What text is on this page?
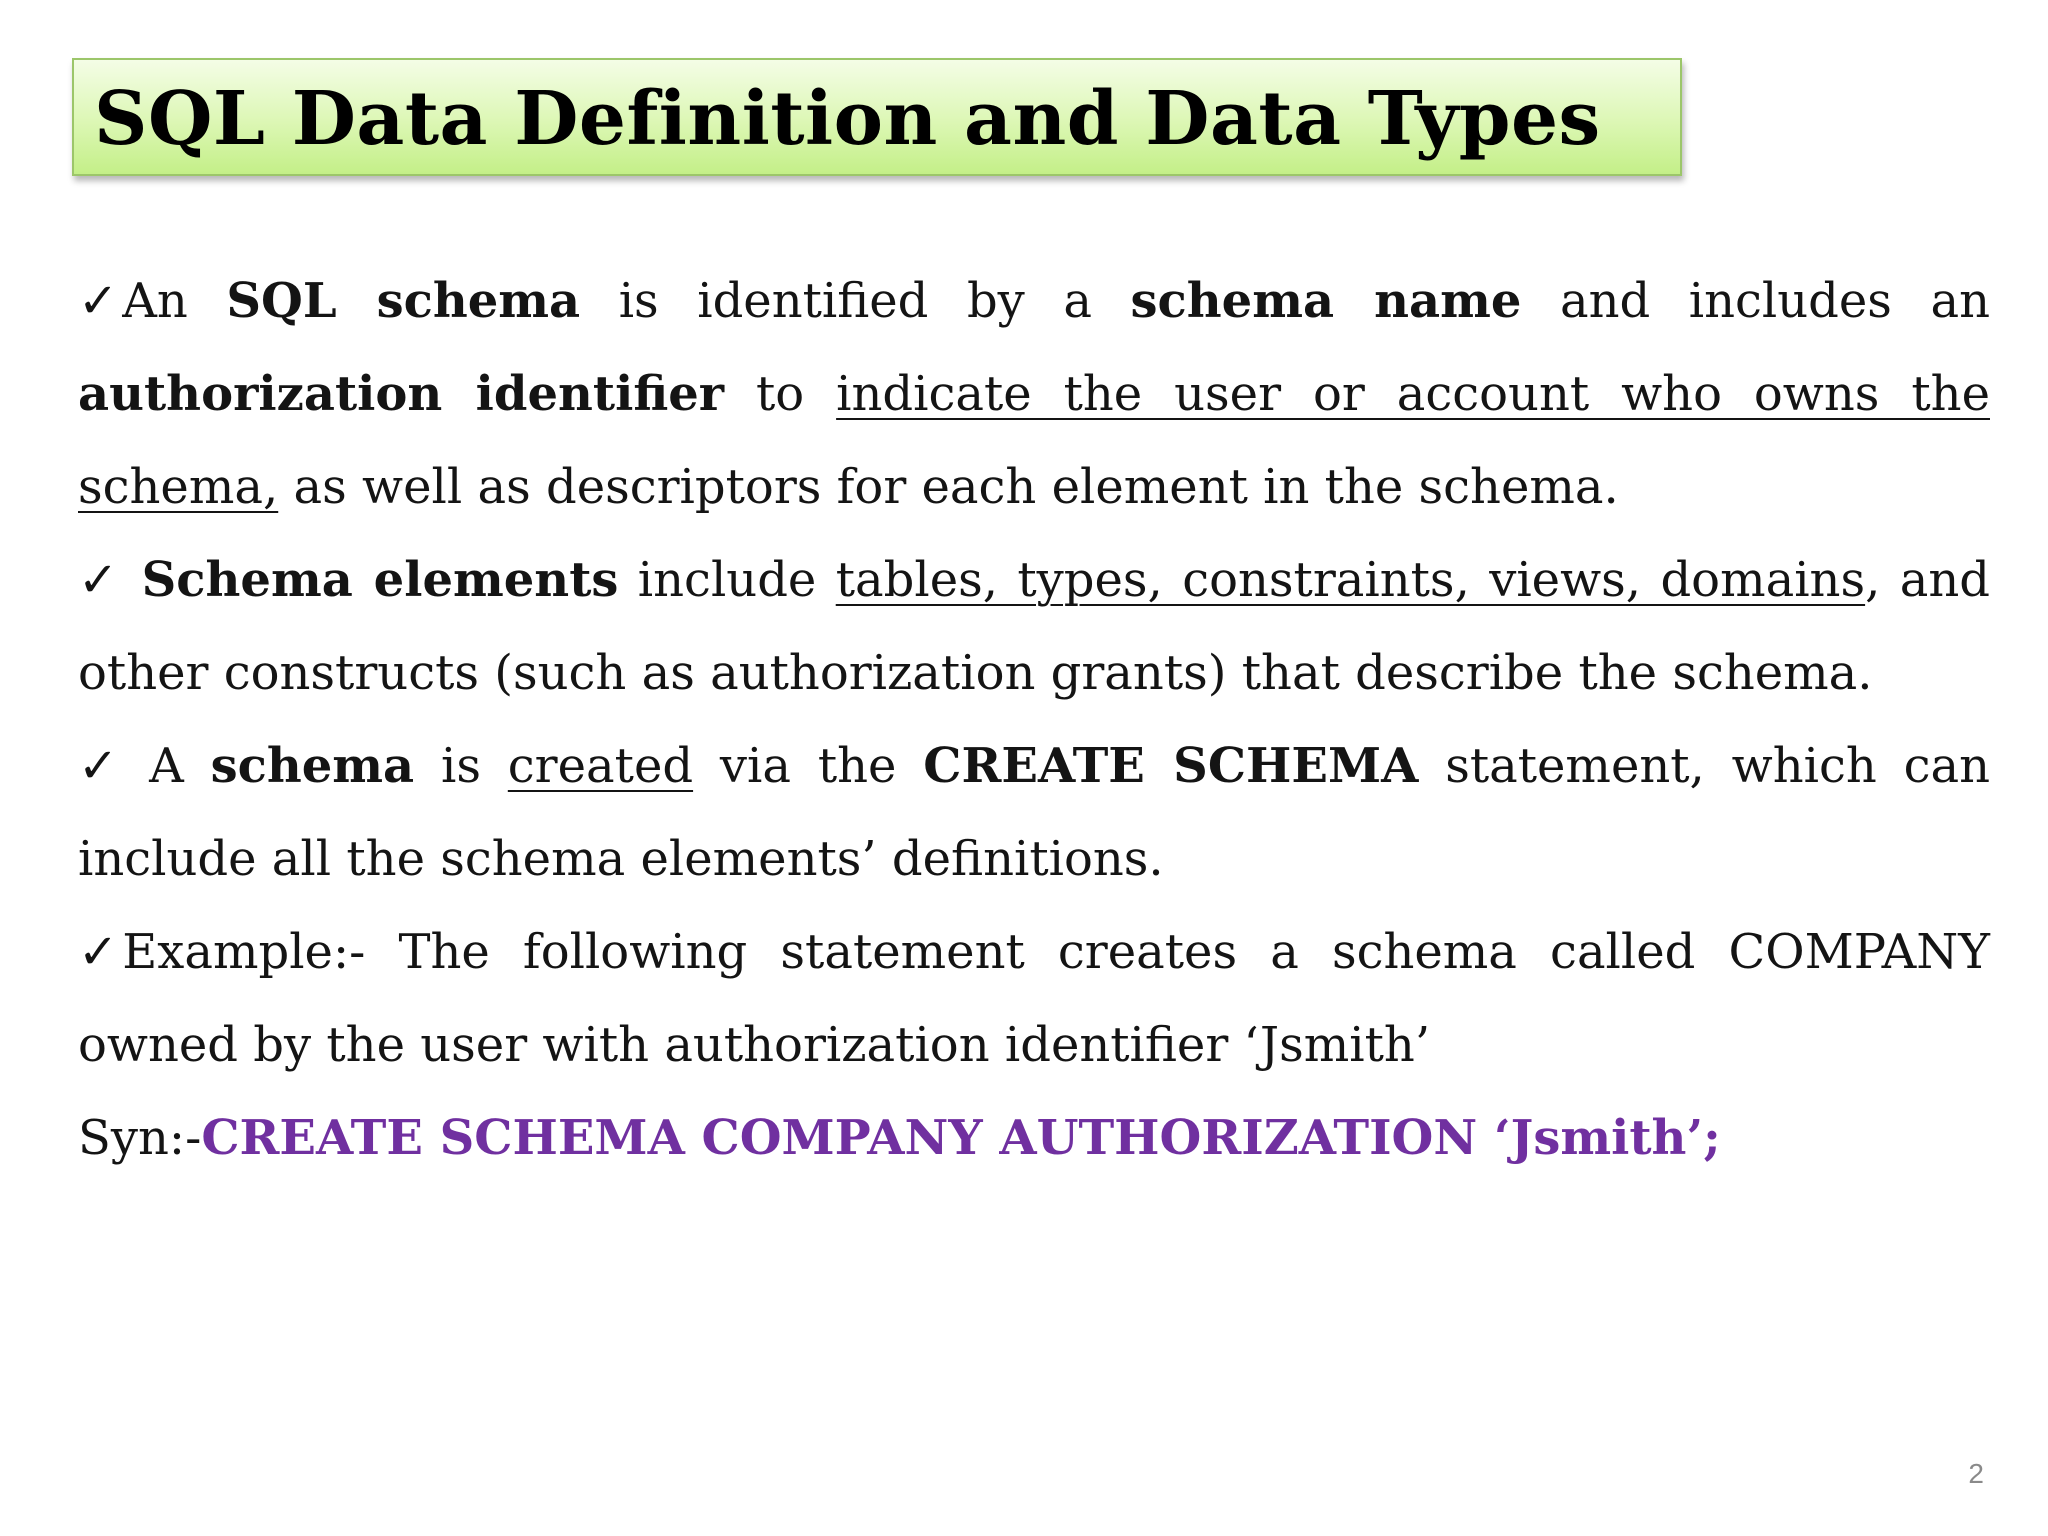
SQL Data Definition and Data Types

✓An SQL schema is identified by a schema name and includes an authorization identifier to indicate the user or account who owns the schema, as well as descriptors for each element in the schema.

✓ Schema elements include tables, types, constraints, views, domains, and other constructs (such as authorization grants) that describe the schema.

✓ A schema is created via the CREATE SCHEMA statement, which can include all the schema elements’ definitions.

✓Example:- The following statement creates a schema called COMPANY owned by the user with authorization identifier ‘Jsmith’

Syn:-CREATE SCHEMA COMPANY AUTHORIZATION ‘Jsmith’;

2
